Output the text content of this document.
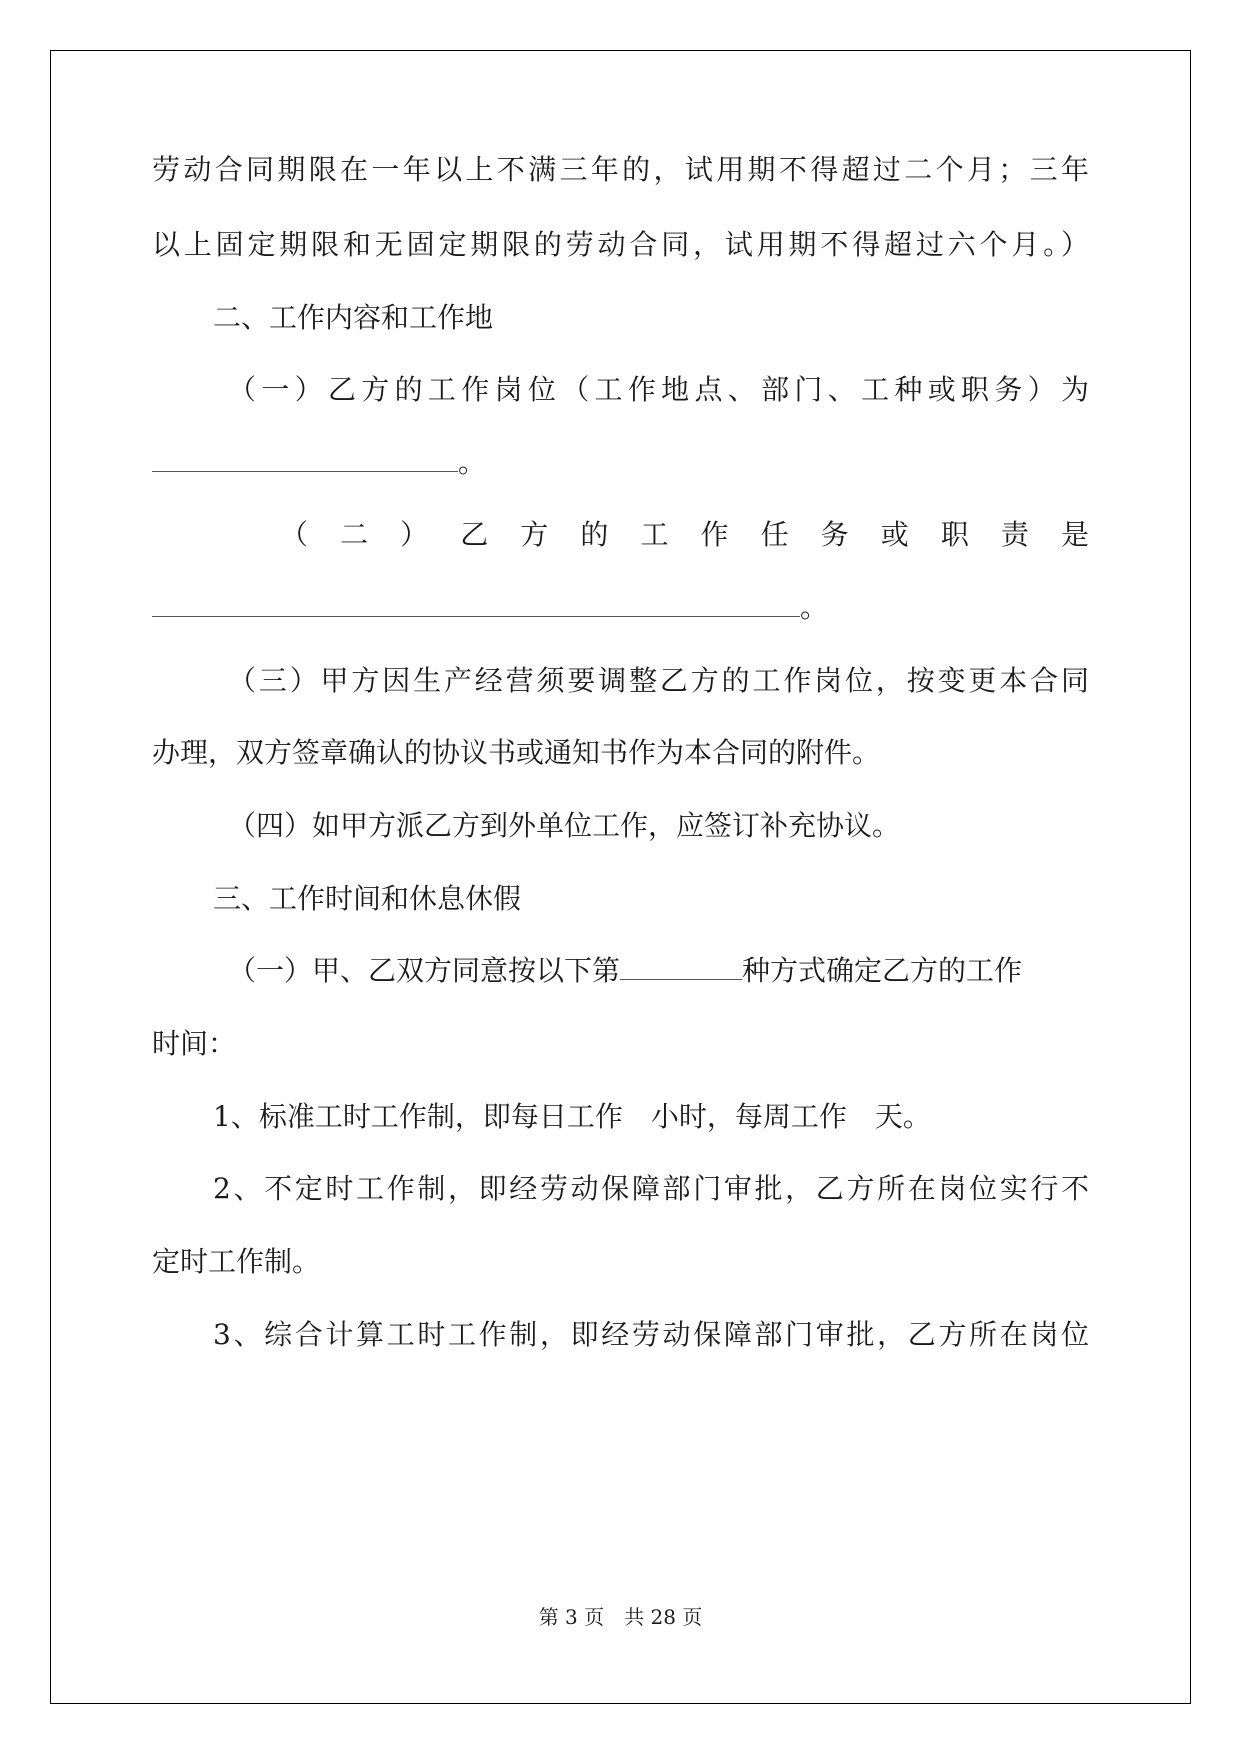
劳动合同期限在一年以上不满三年的，试用期不得超过二个月；三年
以上固定期限和无固定期限的劳动合同，试用期不得超过六个月。）
二、工作内容和工作地
（一）乙方的工作岗位（工作地点、部门、工种或职务）为
。
（ 二 ） 乙 方 的 工 作 任 务 或 职 责 是
。
（三）甲方因生产经营须要调整乙方的工作岗位，按变更本合同
办理，双方签章确认的协议书或通知书作为本合同的附件。
（四）如甲方派乙方到外单位工作，应签订补充协议。
三、工作时间和休息休假
（一）甲、乙双方同意按以下第	种方式确定乙方的工作
时间：
1、标准工时工作制，即每日工作　小时，每周工作　天。
2、不定时工作制，即经劳动保障部门审批，乙方所在岗位实行不
定时工作制。
3、综合计算工时工作制，即经劳动保障部门审批，乙方所在岗位
第 3 页　共 28 页
